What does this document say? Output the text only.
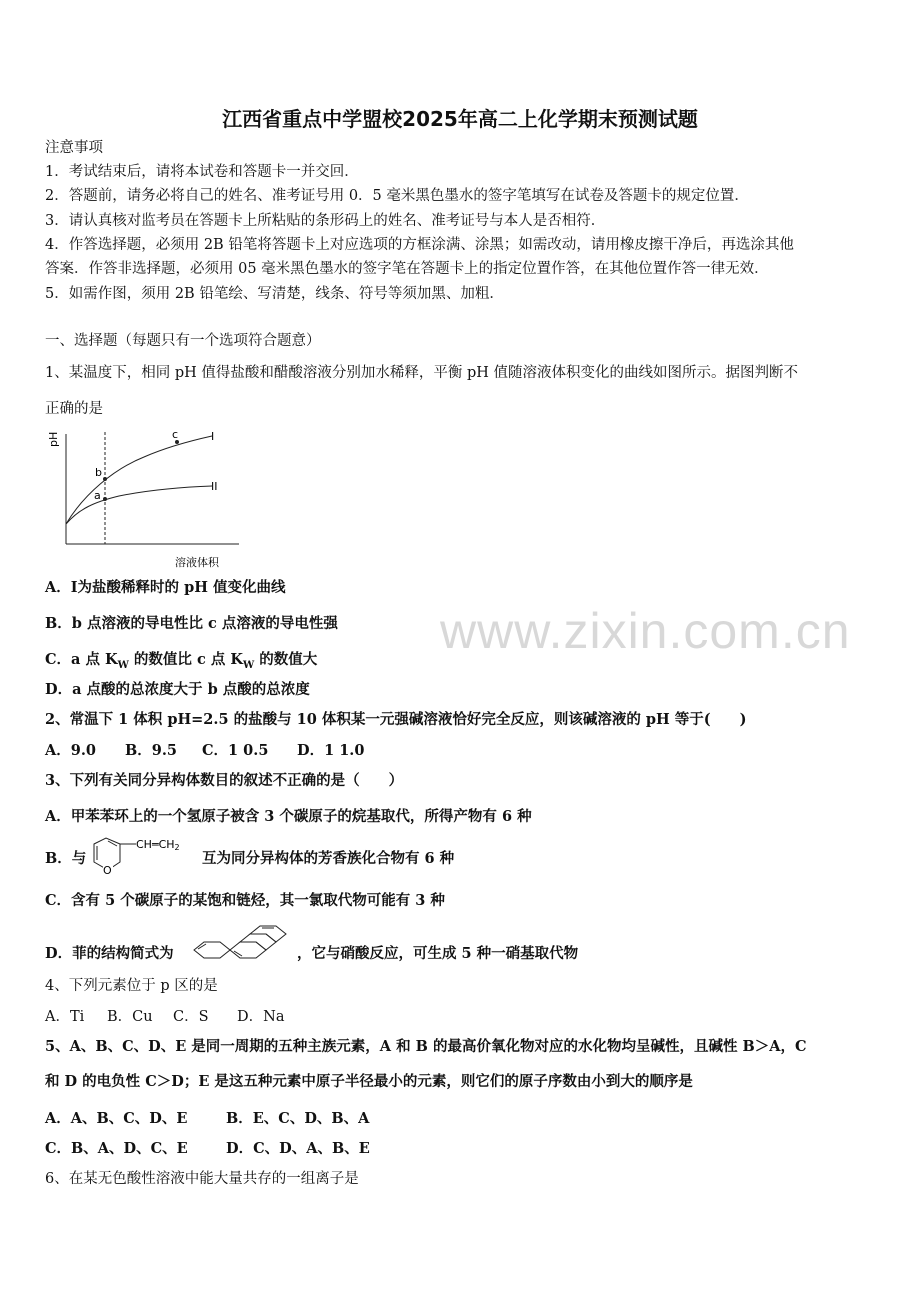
江西省重点中学盟校2025年高二上化学期末预测试题
注意事项
1．考试结束后，请将本试卷和答题卡一并交回．
2．答题前，请务必将自己的姓名、准考证号用 0．5 毫米黑色墨水的签字笔填写在试卷及答题卡的规定位置．
3．请认真核对监考员在答题卡上所粘贴的条形码上的姓名、准考证号与本人是否相符．
4．作答选择题，必须用 2B 铅笔将答题卡上对应选项的方框涂满、涂黑；如需改动，请用橡皮擦干净后，再选涂其他
答案．作答非选择题，必须用 05 毫米黑色墨水的签字笔在答题卡上的指定位置作答，在其他位置作答一律无效．
5．如需作图，须用 2B 铅笔绘、写清楚，线条、符号等须加黑、加粗．
一、选择题（每题只有一个选项符合题意）
1、某温度下，相同 pH 值得盐酸和醋酸溶液分别加水稀释，平衡 pH 值随溶液体积变化的曲线如图所示。据图判断不
正确的是
pH
溶液体积
I
II
b
a
c
A．Ⅰ为盐酸稀释时的 pH 值变化曲线
B．b 点溶液的导电性比 c 点溶液的导电性强
C．a 点 $K_W$ 的数值比 c 点 $K_W$ 的数值大
D．a 点酸的总浓度大于 b 点酸的总浓度
2、常温下 1 体积 pH=2.5 的盐酸与 10 体积某一元强碱溶液恰好完全反应，则该碱溶液的 pH 等于(　　)
A．9.0 B．9.5 C．1 0.5 D．1 1.0
3、下列有关同分异构体数目的叙述不正确的是（　　）
A．甲苯苯环上的一个氢原子被含 3 个碳原子的烷基取代，所得产物有 6 种
B．与
CH═CH2
O
互为同分异构体的芳香族化合物有 6 种
C．含有 5 个碳原子的某饱和链烃，其一氯取代物可能有 3 种
D．菲的结构简式为	，它与硝酸反应，可生成 5 种一硝基取代物
4、下列元素位于 p 区的是
A．Ti B．Cu C．S D．Na
5、A、B、C、D、E 是同一周期的五种主族元素，A 和 B 的最高价氧化物对应的水化物均呈碱性，且碱性 B＞A，C
和 D 的电负性 C＞D；E 是这五种元素中原子半径最小的元素，则它们的原子序数由小到大的顺序是
A．A、B、C、D、E	B．E、C、D、B、A
C．B、A、D、C、E	D．C、D、A、B、E
6、在某无色酸性溶液中能大量共存的一组离子是
www.zixin.com.cn
